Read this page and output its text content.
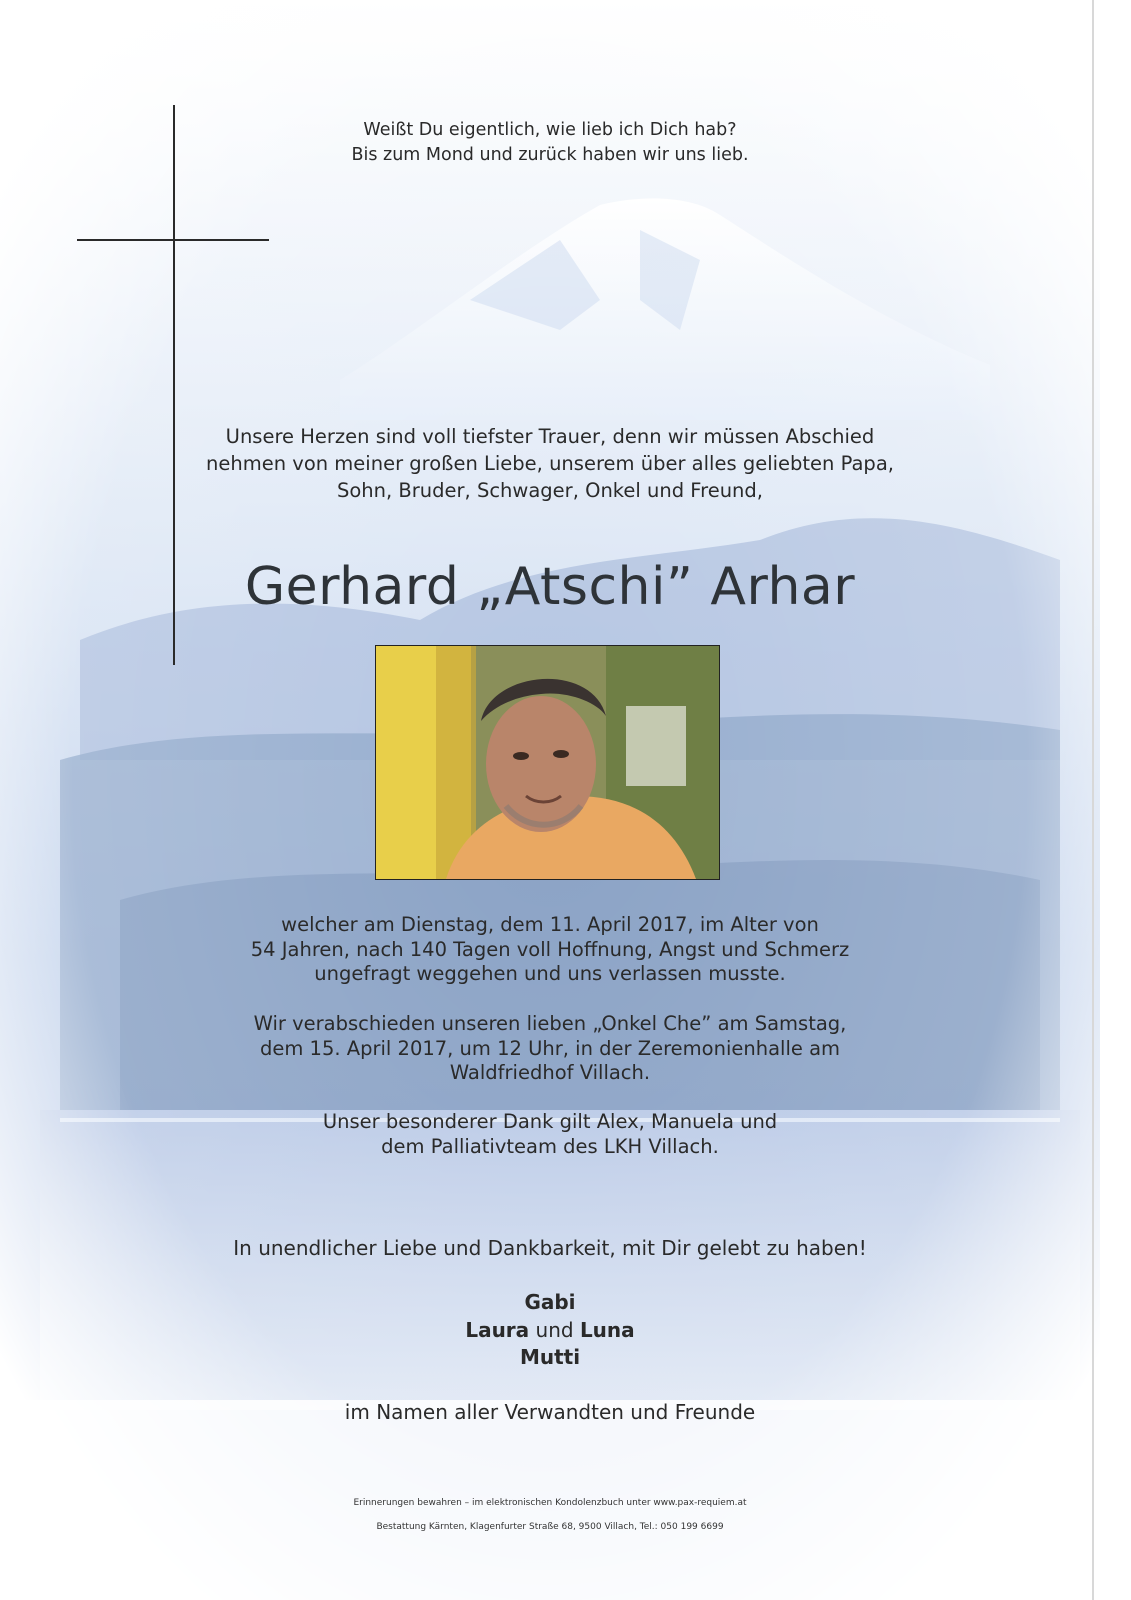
Weißt Du eigentlich, wie lieb ich Dich hab?
Bis zum Mond und zurück haben wir uns lieb.
Unsere Herzen sind voll tiefster Trauer, denn wir müssen Abschied
nehmen von meiner großen Liebe, unserem über alles geliebten Papa,
Sohn, Bruder, Schwager, Onkel und Freund,
Gerhard „Atschi” Arhar
welcher am Dienstag, dem 11. April 2017, im Alter von
54 Jahren, nach 140 Tagen voll Hoffnung, Angst und Schmerz
ungefragt weggehen und uns verlassen musste.
Wir verabschieden unseren lieben „Onkel Che” am Samstag,
dem 15. April 2017, um 12 Uhr, in der Zeremonienhalle am
Waldfriedhof Villach.
Unser besonderer Dank gilt Alex, Manuela und
dem Palliativteam des LKH Villach.
In unendlicher Liebe und Dankbarkeit, mit Dir gelebt zu haben!
Gabi
Laura und Luna
Mutti
im Namen aller Verwandten und Freunde
Erinnerungen bewahren – im elektronischen Kondolenzbuch unter www.pax-requiem.at
Bestattung Kärnten, Klagenfurter Straße 68, 9500 Villach, Tel.: 050 199 6699
